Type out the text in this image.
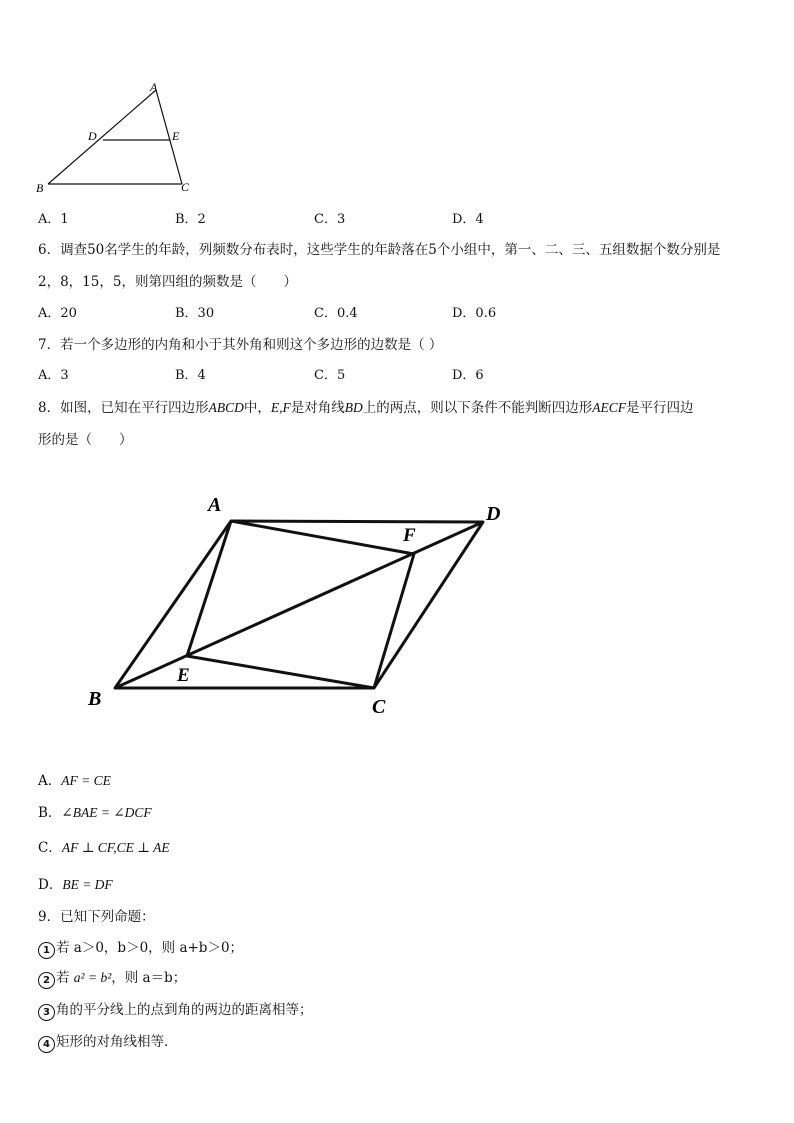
A
D	E
B	C
A．1	B．2	C．3	D．4
6．调查50名学生的年龄，列频数分布表时，这些学生的年龄落在5个小组中，第一、二、三、五组数据个数分别是
2，8，15，5，则第四组的频数是（　　）
A．20	B．30	C．0.4	D．0.6
7．若一个多边形的内角和小于其外角和则这个多边形的边数是（ ）
A．3	B．4	C．5	D．6
8．如图，已知在平行四边形ABCD中，E,F是对角线BD上的两点，则以下条件不能判断四边形AECF是平行四边
形的是（　　）
A	D
F
E
B	C
A．AF = CE
B．∠BAE = ∠DCF
C．AF ⊥ CF,CE ⊥ AE
D．BE = DF
9．已知下列命题：
1 若 a＞0，b＞0，则 a+b＞0；
2 若 a² = b²，则 a＝b；
3 角的平分线上的点到角的两边的距离相等；
4 矩形的对角线相等．
